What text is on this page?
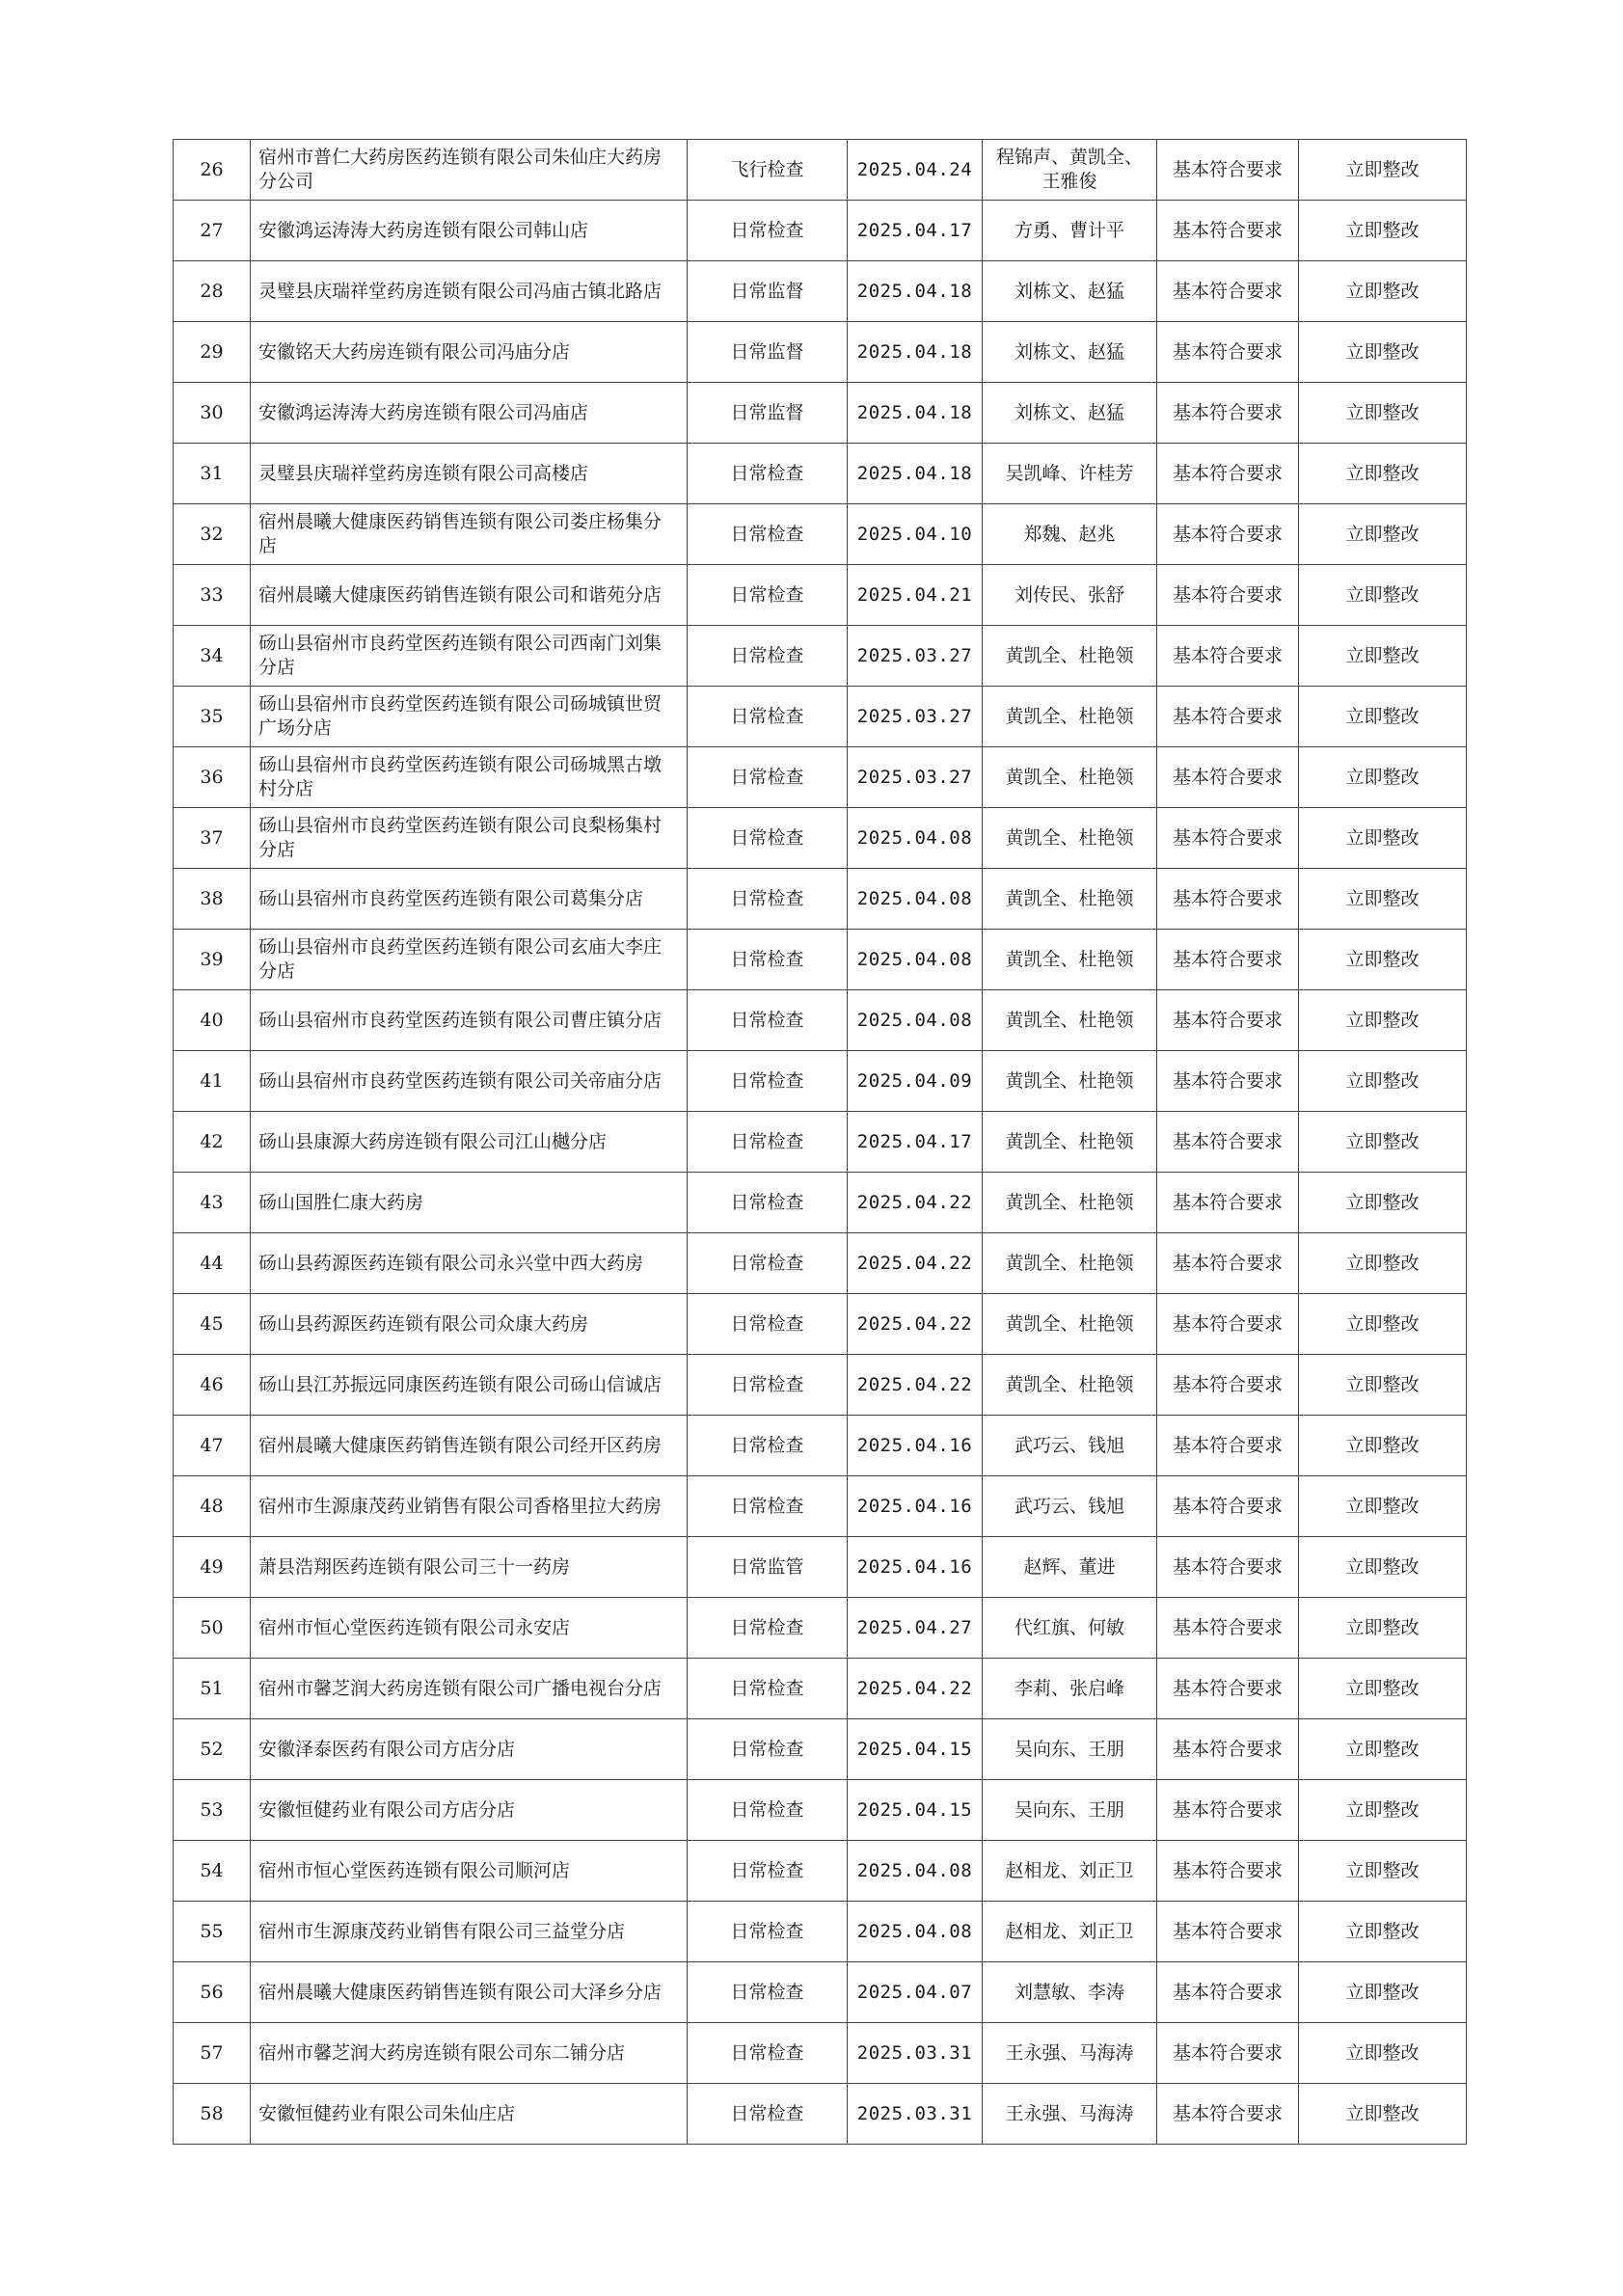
26	宿州市普仁大药房医药连锁有限公司朱仙庄大药房分公司	飞行检查	2025.04.24	程锦声、黄凯全、王雅俊	基本符合要求	立即整改
27	安徽鸿运涛涛大药房连锁有限公司韩山店	日常检查	2025.04.17	方勇、曹计平	基本符合要求	立即整改
28	灵璧县庆瑞祥堂药房连锁有限公司冯庙古镇北路店	日常监督	2025.04.18	刘栋文、赵猛	基本符合要求	立即整改
29	安徽铭天大药房连锁有限公司冯庙分店	日常监督	2025.04.18	刘栋文、赵猛	基本符合要求	立即整改
30	安徽鸿运涛涛大药房连锁有限公司冯庙店	日常监督	2025.04.18	刘栋文、赵猛	基本符合要求	立即整改
31	灵璧县庆瑞祥堂药房连锁有限公司高楼店	日常检查	2025.04.18	吴凯峰、许桂芳	基本符合要求	立即整改
32	宿州晨曦大健康医药销售连锁有限公司娄庄杨集分店	日常检查	2025.04.10	郑魏、赵兆	基本符合要求	立即整改
33	宿州晨曦大健康医药销售连锁有限公司和谐苑分店	日常检查	2025.04.21	刘传民、张舒	基本符合要求	立即整改
34	砀山县宿州市良药堂医药连锁有限公司西南门刘集分店	日常检查	2025.03.27	黄凯全、杜艳领	基本符合要求	立即整改
35	砀山县宿州市良药堂医药连锁有限公司砀城镇世贸广场分店	日常检查	2025.03.27	黄凯全、杜艳领	基本符合要求	立即整改
36	砀山县宿州市良药堂医药连锁有限公司砀城黑古墩村分店	日常检查	2025.03.27	黄凯全、杜艳领	基本符合要求	立即整改
37	砀山县宿州市良药堂医药连锁有限公司良梨杨集村分店	日常检查	2025.04.08	黄凯全、杜艳领	基本符合要求	立即整改
38	砀山县宿州市良药堂医药连锁有限公司葛集分店	日常检查	2025.04.08	黄凯全、杜艳领	基本符合要求	立即整改
39	砀山县宿州市良药堂医药连锁有限公司玄庙大李庄分店	日常检查	2025.04.08	黄凯全、杜艳领	基本符合要求	立即整改
40	砀山县宿州市良药堂医药连锁有限公司曹庄镇分店	日常检查	2025.04.08	黄凯全、杜艳领	基本符合要求	立即整改
41	砀山县宿州市良药堂医药连锁有限公司关帝庙分店	日常检查	2025.04.09	黄凯全、杜艳领	基本符合要求	立即整改
42	砀山县康源大药房连锁有限公司江山樾分店	日常检查	2025.04.17	黄凯全、杜艳领	基本符合要求	立即整改
43	砀山国胜仁康大药房	日常检查	2025.04.22	黄凯全、杜艳领	基本符合要求	立即整改
44	砀山县药源医药连锁有限公司永兴堂中西大药房	日常检查	2025.04.22	黄凯全、杜艳领	基本符合要求	立即整改
45	砀山县药源医药连锁有限公司众康大药房	日常检查	2025.04.22	黄凯全、杜艳领	基本符合要求	立即整改
46	砀山县江苏振远同康医药连锁有限公司砀山信诚店	日常检查	2025.04.22	黄凯全、杜艳领	基本符合要求	立即整改
47	宿州晨曦大健康医药销售连锁有限公司经开区药房	日常检查	2025.04.16	武巧云、钱旭	基本符合要求	立即整改
48	宿州市生源康茂药业销售有限公司香格里拉大药房	日常检查	2025.04.16	武巧云、钱旭	基本符合要求	立即整改
49	萧县浩翔医药连锁有限公司三十一药房	日常监管	2025.04.16	赵辉、董进	基本符合要求	立即整改
50	宿州市恒心堂医药连锁有限公司永安店	日常检查	2025.04.27	代红旗、何敏	基本符合要求	立即整改
51	宿州市馨芝润大药房连锁有限公司广播电视台分店	日常检查	2025.04.22	李莉、张启峰	基本符合要求	立即整改
52	安徽泽泰医药有限公司方店分店	日常检查	2025.04.15	吴向东、王朋	基本符合要求	立即整改
53	安徽恒健药业有限公司方店分店	日常检查	2025.04.15	吴向东、王朋	基本符合要求	立即整改
54	宿州市恒心堂医药连锁有限公司顺河店	日常检查	2025.04.08	赵相龙、刘正卫	基本符合要求	立即整改
55	宿州市生源康茂药业销售有限公司三益堂分店	日常检查	2025.04.08	赵相龙、刘正卫	基本符合要求	立即整改
56	宿州晨曦大健康医药销售连锁有限公司大泽乡分店	日常检查	2025.04.07	刘慧敏、李涛	基本符合要求	立即整改
57	宿州市馨芝润大药房连锁有限公司东二铺分店	日常检查	2025.03.31	王永强、马海涛	基本符合要求	立即整改
58	安徽恒健药业有限公司朱仙庄店	日常检查	2025.03.31	王永强、马海涛	基本符合要求	立即整改
